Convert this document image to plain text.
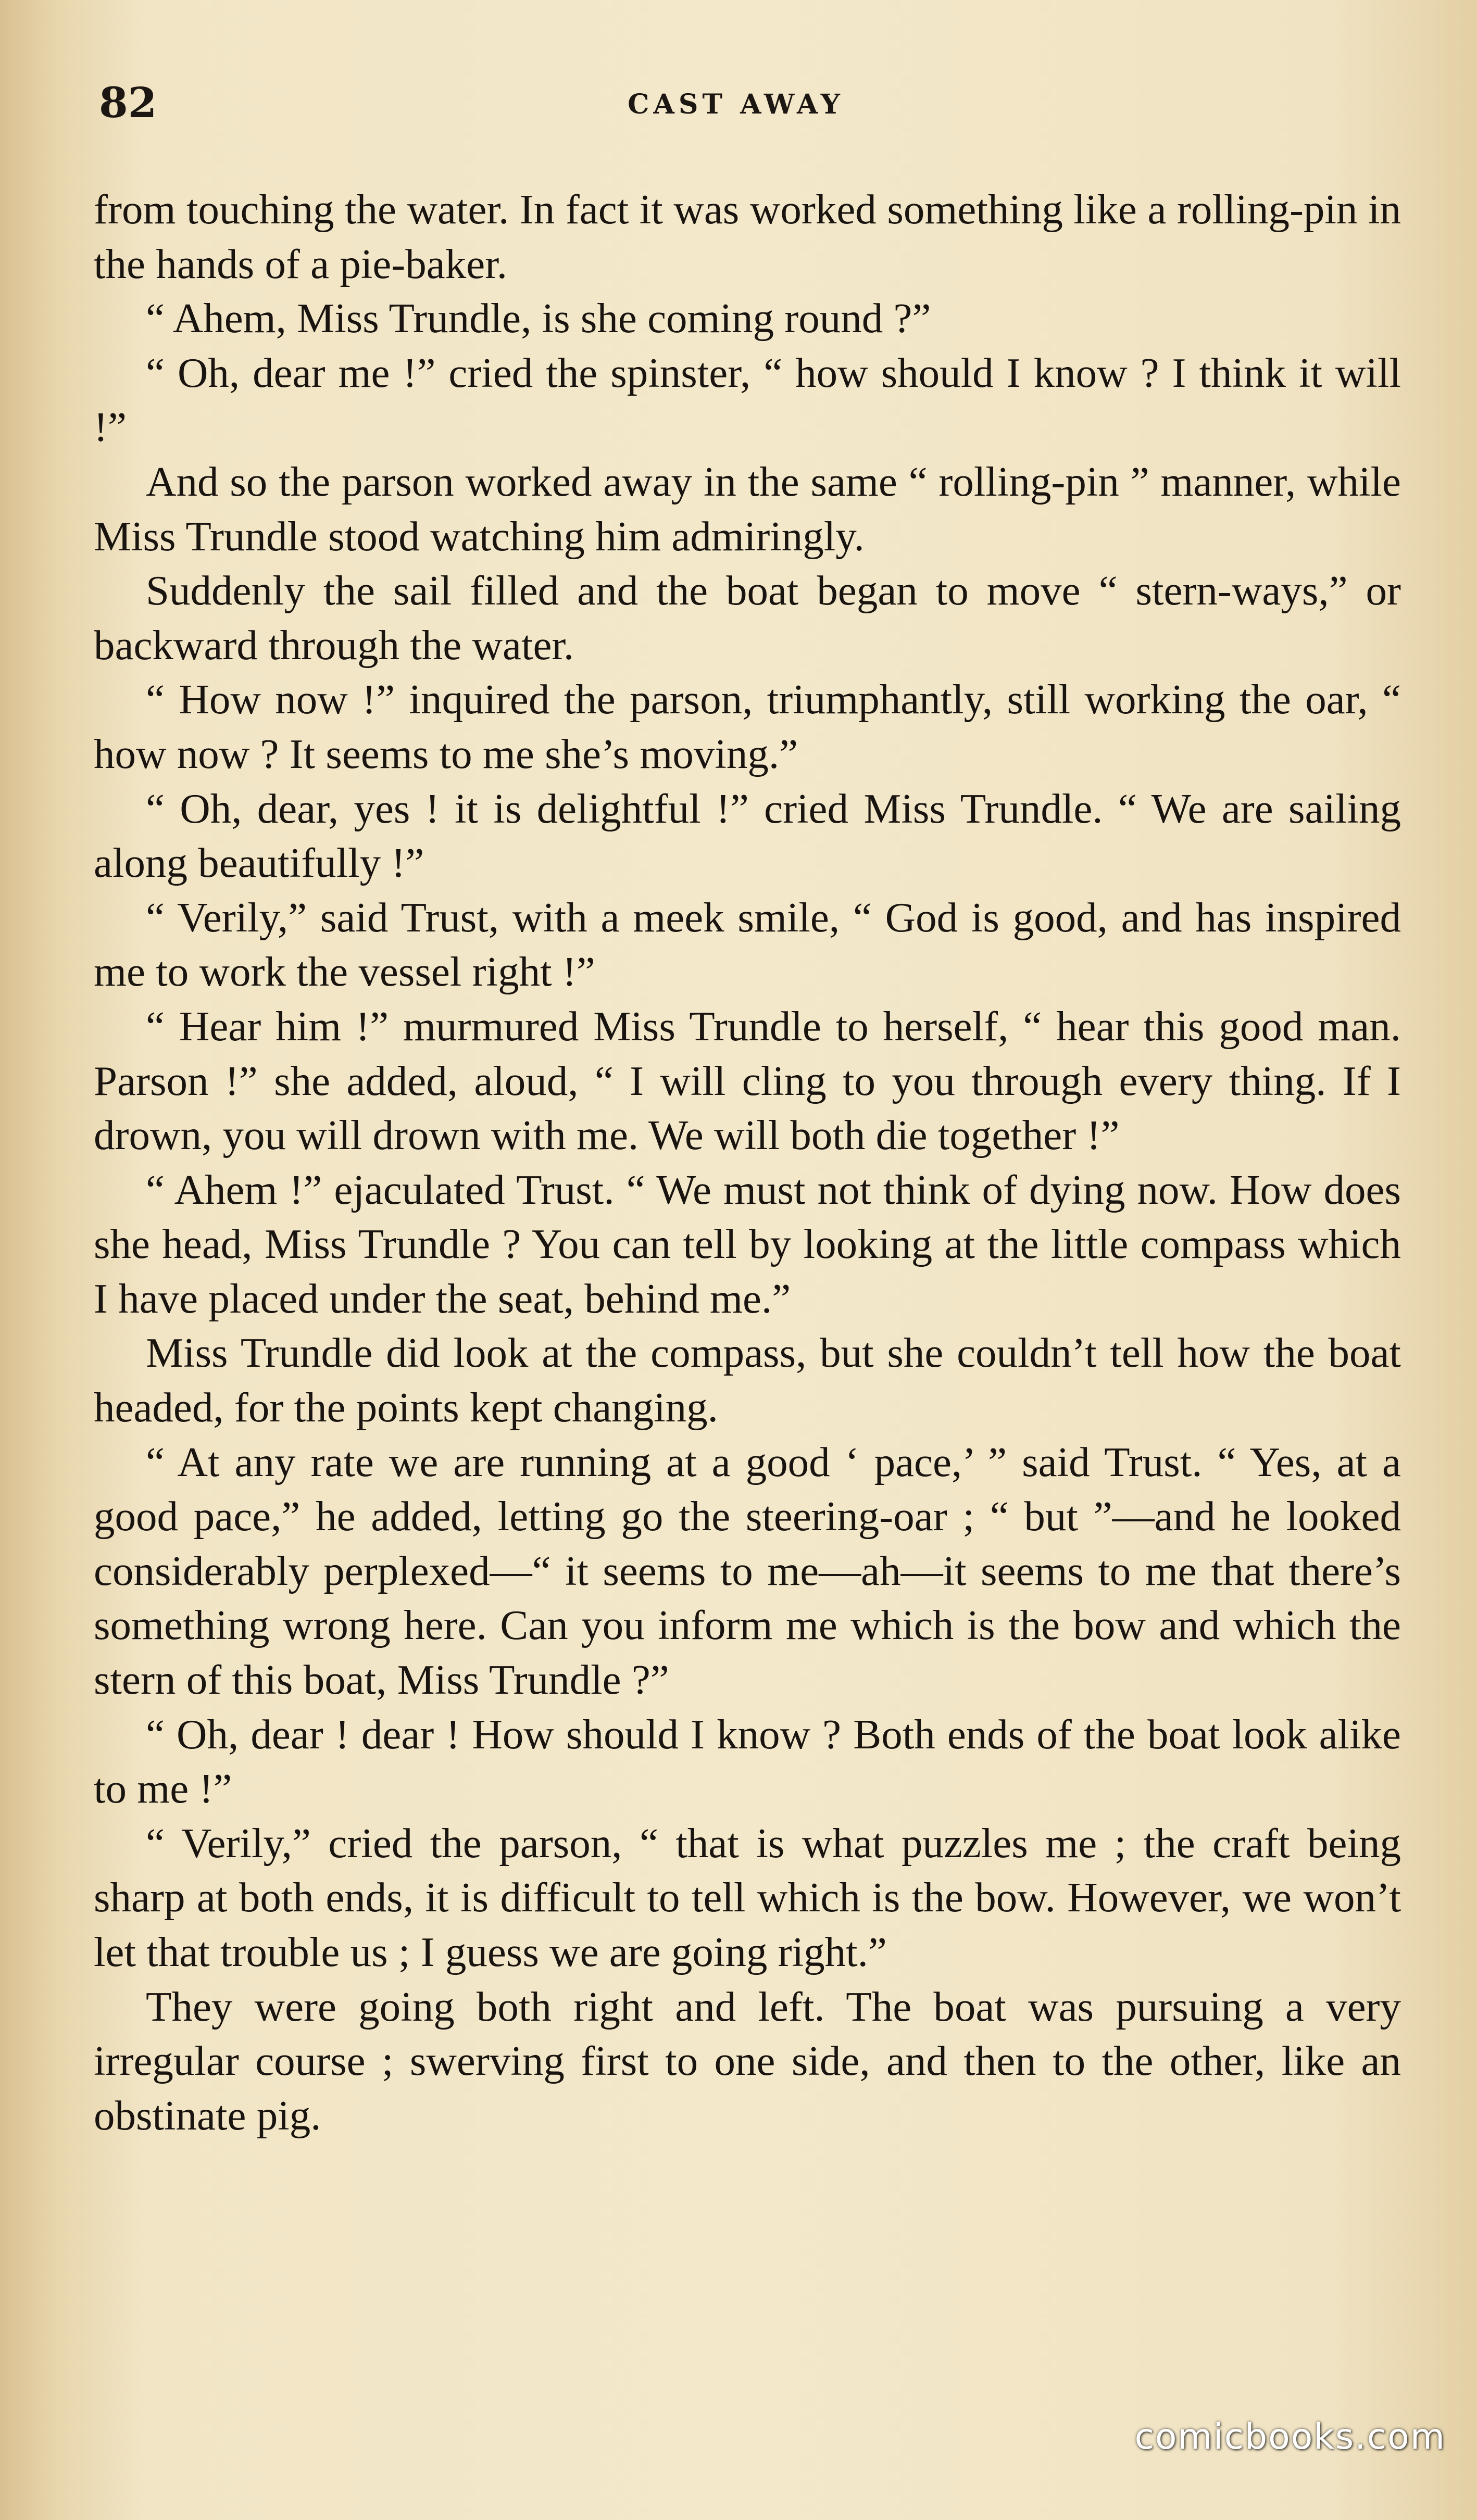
82	CAST AWAY

from touching the water. In fact it was worked something like a rolling-pin in the hands of a pie-baker.

“ Ahem, Miss Trundle, is she coming round ?”

“ Oh, dear me !” cried the spinster, “ how should I know ? I think it will !”

And so the parson worked away in the same “ rolling-pin ” manner, while Miss Trundle stood watching him admiringly.

Suddenly the sail filled and the boat began to move “ stern-ways,” or backward through the water.

“ How now !” inquired the parson, triumphantly, still working the oar, “ how now ? It seems to me she’s moving.”

“ Oh, dear, yes ! it is delightful !” cried Miss Trundle. “ We are sailing along beautifully !”

“ Verily,” said Trust, with a meek smile, “ God is good, and has inspired me to work the vessel right !”

“ Hear him !” murmured Miss Trundle to herself, “ hear this good man. Parson !” she added, aloud, “ I will cling to you through every thing. If I drown, you will drown with me. We will both die together !”

“ Ahem !” ejaculated Trust. “ We must not think of dying now. How does she head, Miss Trundle ? You can tell by looking at the little compass which I have placed under the seat, behind me.”

Miss Trundle did look at the compass, but she couldn’t tell how the boat headed, for the points kept changing.

“ At any rate we are running at a good ‘ pace,’ ” said Trust. “ Yes, at a good pace,” he added, letting go the steering-oar ; “ but ”—and he looked considerably perplexed—“ it seems to me—ah—it seems to me that there’s something wrong here. Can you inform me which is the bow and which the stern of this boat, Miss Trundle ?”

“ Oh, dear ! dear ! How should I know ? Both ends of the boat look alike to me !”

“ Verily,” cried the parson, “ that is what puzzles me ; the craft being sharp at both ends, it is difficult to tell which is the bow. However, we won’t let that trouble us ; I guess we are going right.”

They were going both right and left. The boat was pursuing a very irregular course ; swerving first to one side, and then to the other, like an obstinate pig.

comicbooks.com
